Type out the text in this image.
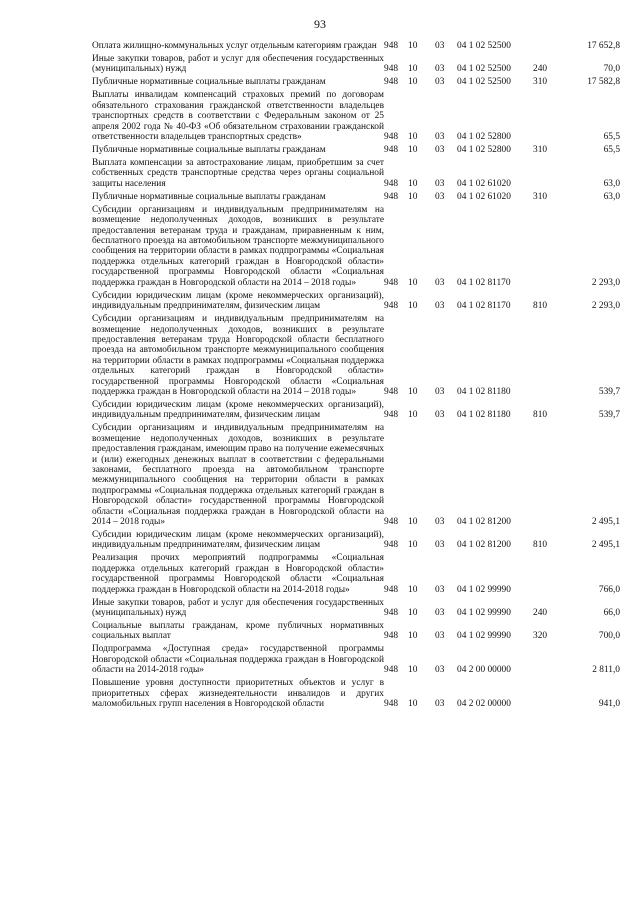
93
Оплата жилищно-коммунальных услуг отдельным категориям граждан	948	10	03	04 1 02 52500		17 652,8
Иные закупки товаров, работ и услуг для обеспечения государственных (муниципальных) нужд	948	10	03	04 1 02 52500	240	70,0
Публичные нормативные социальные выплаты гражданам	948	10	03	04 1 02 52500	310	17 582,8
Выплаты инвалидам компенсаций страховых премий по договорам обязательного страхования гражданской ответственности владельцев транспортных средств в соответствии с Федеральным законом от 25 апреля 2002 года № 40-ФЗ «Об обязательном страховании гражданской ответственности владельцев транспортных средств»	948	10	03	04 1 02 52800		65,5
Публичные нормативные социальные выплаты гражданам	948	10	03	04 1 02 52800	310	65,5
Выплата компенсации за автострахование лицам, приобретшим за счет собственных средств транспортные средства через органы социальной защиты населения	948	10	03	04 1 02 61020		63,0
Публичные нормативные социальные выплаты гражданам	948	10	03	04 1 02 61020	310	63,0
Субсидии организациям и индивидуальным предпринимателям на возмещение недополученных доходов, возникших в результате предоставления ветеранам труда и гражданам, приравненным к ним, бесплатного проезда на автомобильном транспорте межмуниципального сообщения на территории области в рамках подпрограммы «Социальная поддержка отдельных категорий граждан в Новгородской области» государственной программы Новгородской области «Социальная поддержка граждан в Новгородской области на 2014 – 2018 годы»	948	10	03	04 1 02 81170		2 293,0
Субсидии юридическим лицам (кроме некоммерческих организаций), индивидуальным предпринимателям, физическим лицам	948	10	03	04 1 02 81170	810	2 293,0
Субсидии организациям и индивидуальным предпринимателям на возмещение недополученных доходов, возникших в результате предоставления ветеранам труда Новгородской области бесплатного проезда на автомобильном транспорте межмуниципального сообщения на территории области в рамках подпрограммы «Социальная поддержка отдельных категорий граждан в Новгородской области» государственной программы Новгородской области «Социальная поддержка граждан в Новгородской области на 2014 – 2018 годы»	948	10	03	04 1 02 81180		539,7
Субсидии юридическим лицам (кроме некоммерческих организаций), индивидуальным предпринимателям, физическим лицам	948	10	03	04 1 02 81180	810	539,7
Субсидии организациям и индивидуальным предпринимателям на возмещение недополученных доходов, возникших в результате предоставления гражданам, имеющим право на получение ежемесячных и (или) ежегодных денежных выплат в соответствии с федеральными законами, бесплатного проезда на автомобильном транспорте межмуниципального сообщения на территории области в рамках подпрограммы «Социальная поддержка отдельных категорий граждан в Новгородской области» государственной программы Новгородской области «Социальная поддержка граждан в Новгородской области на 2014 – 2018 годы»	948	10	03	04 1 02 81200		2 495,1
Субсидии юридическим лицам (кроме некоммерческих организаций), индивидуальным предпринимателям, физическим лицам	948	10	03	04 1 02 81200	810	2 495,1
Реализация прочих мероприятий подпрограммы «Социальная поддержка отдельных категорий граждан в Новгородской области» государственной программы Новгородской области «Социальная поддержка граждан в Новгородской области на 2014-2018 годы»	948	10	03	04 1 02 99990		766,0
Иные закупки товаров, работ и услуг для обеспечения государственных (муниципальных) нужд	948	10	03	04 1 02 99990	240	66,0
Социальные выплаты гражданам, кроме публичных нормативных социальных выплат	948	10	03	04 1 02 99990	320	700,0
Подпрограмма «Доступная среда» государственной программы Новгородской области «Социальная поддержка граждан в Новгородской области на 2014-2018 годы»	948	10	03	04 2 00 00000		2 811,0
Повышение уровня доступности приоритетных объектов и услуг в приоритетных сферах жизнедеятельности инвалидов и других маломобильных групп населения в Новгородской области	948	10	03	04 2 02 00000		941,0
